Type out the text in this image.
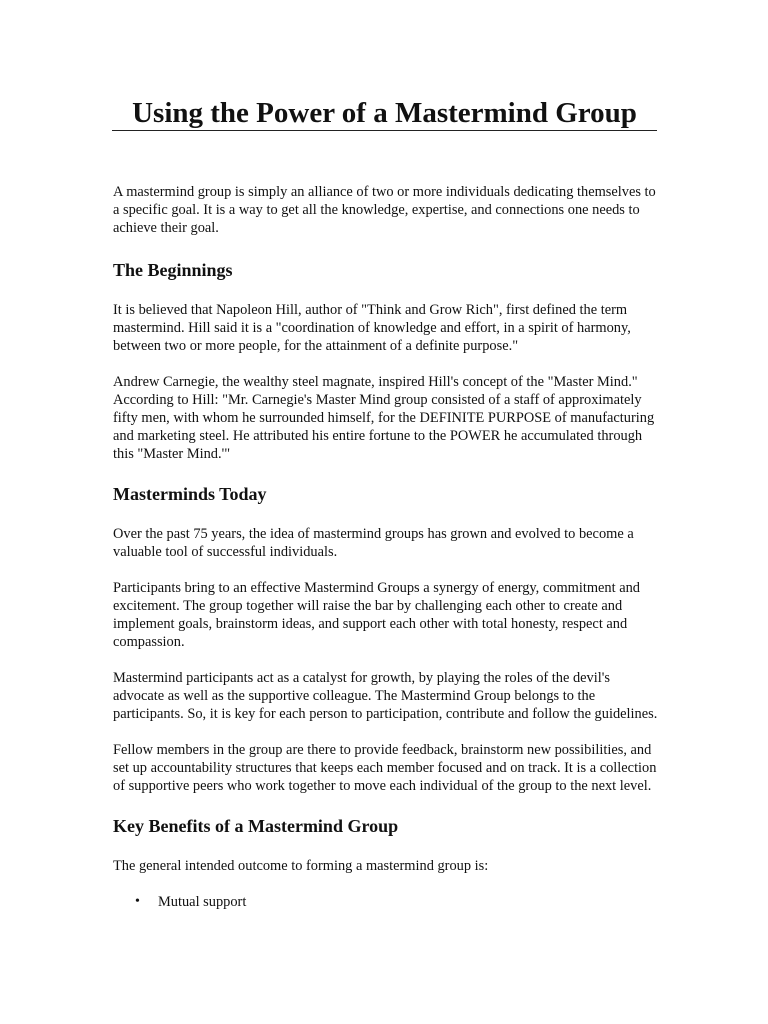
Using the Power of a Mastermind Group

A mastermind group is simply an alliance of two or more individuals dedicating themselves to a specific goal. It is a way to get all the knowledge, expertise, and connections one needs to achieve their goal.

The Beginnings

It is believed that Napoleon Hill, author of "Think and Grow Rich", first defined the term mastermind. Hill said it is a "coordination of knowledge and effort, in a spirit of harmony, between two or more people, for the attainment of a definite purpose."

Andrew Carnegie, the wealthy steel magnate, inspired Hill's concept of the "Master Mind." According to Hill: "Mr. Carnegie's Master Mind group consisted of a staff of approximately fifty men, with whom he surrounded himself, for the DEFINITE PURPOSE of manufacturing and marketing steel. He attributed his entire fortune to the POWER he accumulated through this "Master Mind.'"

Masterminds Today

Over the past 75 years, the idea of mastermind groups has grown and evolved to become a valuable tool of successful individuals.

Participants bring to an effective Mastermind Groups a synergy of energy, commitment and excitement. The group together will raise the bar by challenging each other to create and implement goals, brainstorm ideas, and support each other with total honesty, respect and compassion.

Mastermind participants act as a catalyst for growth, by playing the roles of the devil's advocate as well as the supportive colleague. The Mastermind Group belongs to the participants. So, it is key for each person to participation, contribute and follow the guidelines.

Fellow members in the group are there to provide feedback, brainstorm new possibilities, and set up accountability structures that keeps each member focused and on track. It is a collection of supportive peers who work together to move each individual of the group to the next level.

Key Benefits of a Mastermind Group

The general intended outcome to forming a mastermind group is:

• Mutual support
